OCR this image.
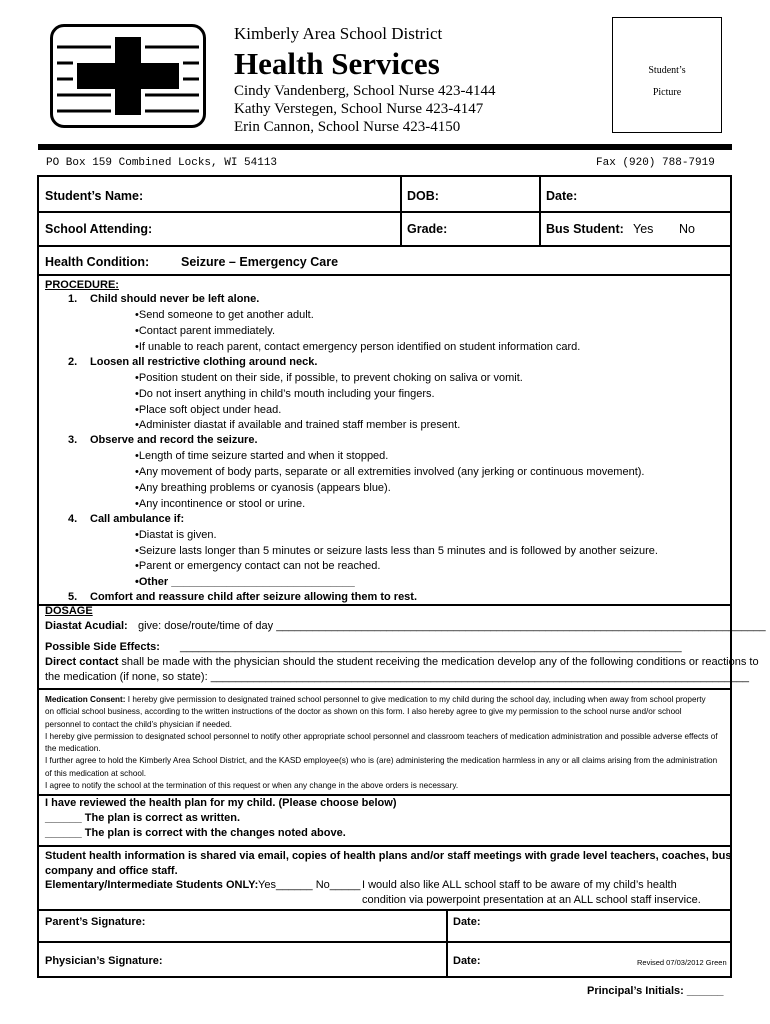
Kimberly Area School District
Health Services
Cindy Vandenberg, School Nurse 423-4144
Kathy Verstegen, School Nurse 423-4147
Erin Cannon, School Nurse 423-4150
Student’s
Picture
PO Box 159 Combined Locks, WI 54113	Fax (920) 788-7919
Student’s Name:	DOB:	Date:
School Attending:	Grade:	Bus Student: Yes No
Health Condition:	Seizure – Emergency Care
PROCEDURE:
1. Child should never be left alone.
•Send someone to get another adult.
•Contact parent immediately.
•If unable to reach parent, contact emergency person identified on student information card.
2. Loosen all restrictive clothing around neck.
•Position student on their side, if possible, to prevent choking on saliva or vomit.
•Do not insert anything in child’s mouth including your fingers.
•Place soft object under head.
•Administer diastat if available and trained staff member is present.
3. Observe and record the seizure.
•Length of time seizure started and when it stopped.
•Any movement of body parts, separate or all extremities involved (any jerking or continuous movement).
•Any breathing problems or cyanosis (appears blue).
•Any incontinence or stool or urine.
4. Call ambulance if:
•Diastat is given.
•Seizure lasts longer than 5 minutes or seizure lasts less than 5 minutes and is followed by another seizure.
•Parent or emergency contact can not be reached.
•Other ______________________________
5. Comfort and reassure child after seizure allowing them to rest.
DOSAGE
Diastat Acudial: give: dose/route/time of day ________________________________________________________________________________
Possible Side Effects: __________________________________________________________________________________
Direct contact shall be made with the physician should the student receiving the medication develop any of the following conditions or reactions to
the medication (if none, so state): ________________________________________________________________________________________
Medication Consent: I hereby give permission to designated trained school personnel to give medication to my child during the school day, including when away from school property
on official school business, according to the written instructions of the doctor as shown on this form. I also hereby agree to give my permission to the school nurse and/or school
personnel to contact the child’s physician if needed.
I hereby give permission to designated school personnel to notify other appropriate school personnel and classroom teachers of medication administration and possible adverse effects of
the medication.
I further agree to hold the Kimberly Area School District, and the KASD employee(s) who is (are) administering the medication harmless in any or all claims arising from the administration
of this medication at school.
I agree to notify the school at the termination of this request or when any change in the above orders is necessary.
I have reviewed the health plan for my child. (Please choose below)
______ The plan is correct as written.
______ The plan is correct with the changes noted above.
Student health information is shared via email, copies of health plans and/or staff meetings with grade level teachers, coaches, bus
company and office staff.
Elementary/Intermediate Students ONLY: Yes______ No_____ I would also like ALL school staff to be aware of my child’s health
condition via powerpoint presentation at an ALL school staff inservice.
Parent’s Signature:	Date:
Physician’s Signature:	Date:	Revised 07/03/2012 Green
Principal’s Initials: ______
